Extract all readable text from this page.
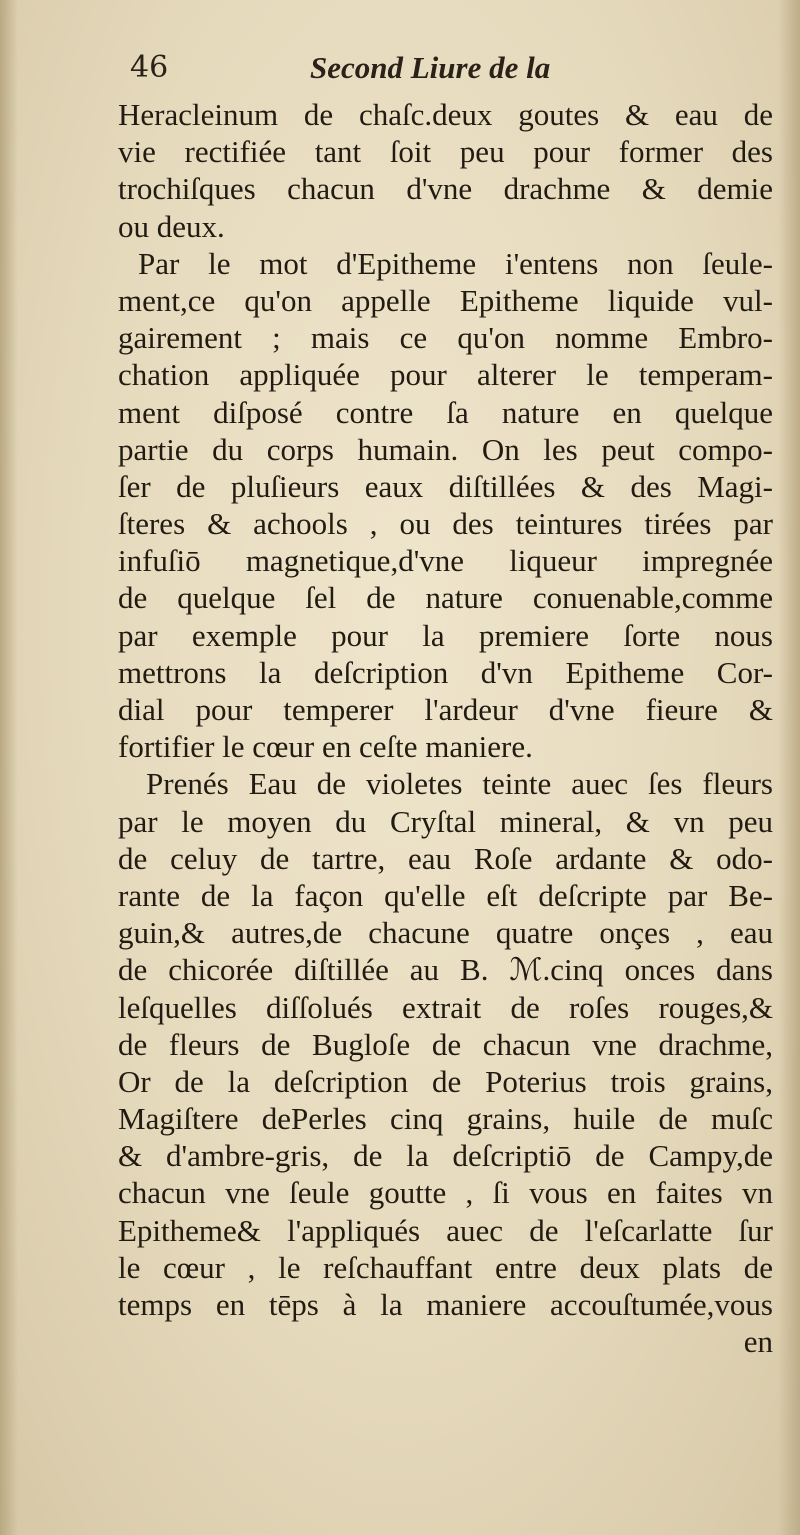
46	Second Liure de la
Heracleinum de chaſc.deux goutes & eau de
vie rectifiée tant ſoit peu pour former des
trochiſques chacun d'vne drachme & demie
ou deux.
Par le mot d'Epitheme i'entens non ſeule-
ment,ce qu'on appelle Epitheme liquide vul-
gairement ; mais ce qu'on nomme Embro-
chation appliquée pour alterer le temperam-
ment diſposé contre ſa nature en quelque
partie du corps humain. On les peut compo-
ſer de pluſieurs eaux diſtillées & des Magi-
ſteres & achools , ou des teintures tirées par
infuſiō magnetique,d'vne liqueur impregnée
de quelque ſel de nature conuenable,comme
par exemple pour la premiere ſorte nous
mettrons la deſcription d'vn Epitheme Cor-
dial pour temperer l'ardeur d'vne fieure &
fortifier le cœur en ceſte maniere.
Prenés Eau de violetes teinte auec ſes fleurs
par le moyen du Cryſtal mineral, & vn peu
de celuy de tartre, eau Roſe ardante & odo-
rante de la façon qu'elle eſt deſcripte par Be-
guin,& autres,de chacune quatre onçes , eau
de chicorée diſtillée au B. ℳ.cinq onces dans
leſquelles diſſolués extrait de roſes rouges,&
de fleurs de Bugloſe de chacun vne drachme,
Or de la deſcription de Poterius trois grains,
Magiſtere dePerles cinq grains, huile de muſc
& d'ambre-gris, de la deſcriptiō de Campy,de
chacun vne ſeule goutte , ſi vous en faites vn
Epitheme& l'appliqués auec de l'eſcarlatte ſur
le cœur , le reſchauffant entre deux plats de
temps en tēps à la maniere accouſtumée,vous
en
